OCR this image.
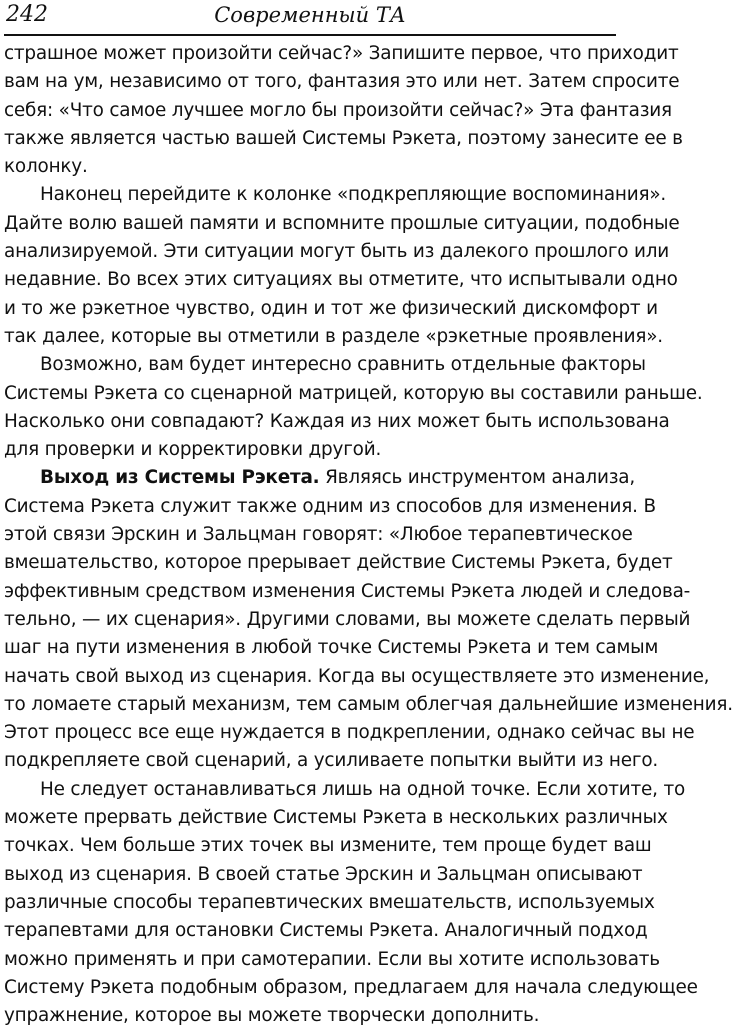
242	Современный ТА
страшное может произойти сейчас?» Запишите первое, что приходит
вам на ум, независимо от того, фантазия это или нет. Затем спросите
себя: «Что самое лучшее могло бы произойти сейчас?» Эта фантазия
также является частью вашей Системы Рэкета, поэтому занесите ее в
колонку.
Наконец перейдите к колонке «подкрепляющие воспоминания».
Дайте волю вашей памяти и вспомните прошлые ситуации, подобные
анализируемой. Эти ситуации могут быть из далекого прошлого или
недавние. Во всех этих ситуациях вы отметите, что испытывали одно
и то же рэкетное чувство, один и тот же физический дискомфорт и
так далее, которые вы отметили в разделе «рэкетные проявления».
Возможно, вам будет интересно сравнить отдельные факторы
Системы Рэкета со сценарной матрицей, которую вы составили раньше.
Насколько они совпадают? Каждая из них может быть использована
для проверки и корректировки другой.
Выход из Системы Рэкета. Являясь инструментом анализа,
Система Рэкета служит также одним из способов для изменения. В
этой связи Эрскин и Зальцман говорят: «Любое терапевтическое
вмешательство, которое прерывает действие Системы Рэкета, будет
эффективным средством изменения Системы Рэкета людей и следова-
тельно, — их сценария». Другими словами, вы можете сделать первый
шаг на пути изменения в любой точке Системы Рэкета и тем самым
начать свой выход из сценария. Когда вы осуществляете это изменение,
то ломаете старый механизм, тем самым облегчая дальнейшие изменения.
Этот процесс все еще нуждается в подкреплении, однако сейчас вы не
подкрепляете свой сценарий, а усиливаете попытки выйти из него.
Не следует останавливаться лишь на одной точке. Если хотите, то
можете прервать действие Системы Рэкета в нескольких различных
точках. Чем больше этих точек вы измените, тем проще будет ваш
выход из сценария. В своей статье Эрскин и Зальцман описывают
различные способы терапевтических вмешательств, используемых
терапевтами для остановки Системы Рэкета. Аналогичный подход
можно применять и при самотерапии. Если вы хотите использовать
Систему Рэкета подобным образом, предлагаем для начала следующее
упражнение, которое вы можете творчески дополнить.
